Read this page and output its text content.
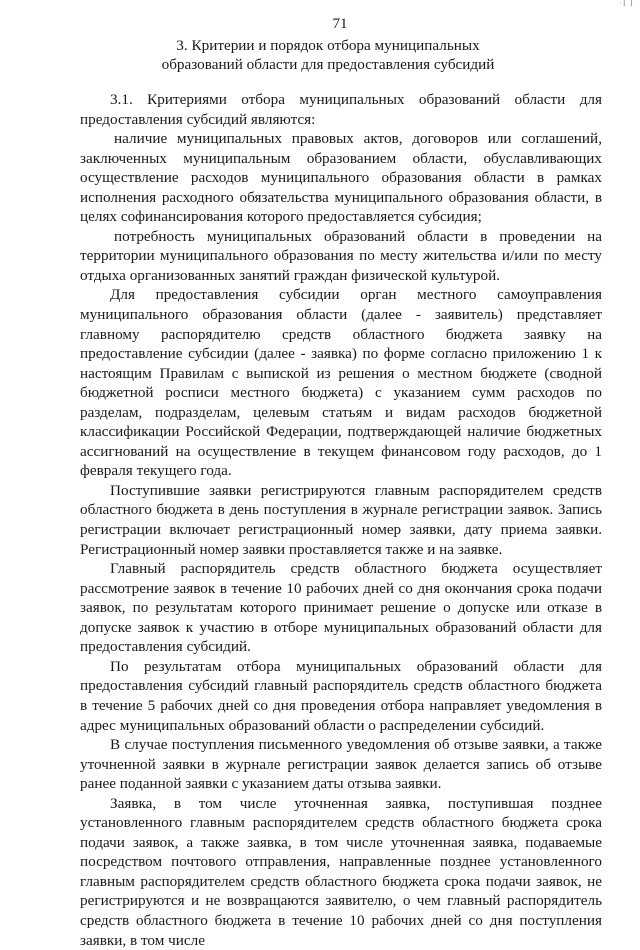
·I I
71
3. Критерии и порядок отбора муниципальных
образований области для предоставления субсидий

3.1. Критериями отбора муниципальных образований области для предоставления субсидий являются:

наличие муниципальных правовых актов, договоров или соглашений, заключенных муниципальным образованием области, обуславливающих осуществление расходов муниципального образования области в рамках исполнения расходного обязательства муниципального образования области, в целях софинансирования которого предоставляется субсидия;

потребность муниципальных образований области в проведении на территории муниципального образования по месту жительства и/или по месту отдыха организованных занятий граждан физической культурой.

Для предоставления субсидии орган местного самоуправления муниципального образования области (далее - заявитель) представляет главному распорядителю средств областного бюджета заявку на предоставление субсидии (далее - заявка) по форме согласно приложению 1 к настоящим Правилам с выпиской из решения о местном бюджете (сводной бюджетной росписи местного бюджета) с указанием сумм расходов по разделам, подразделам, целевым статьям и видам расходов бюджетной классификации Российской Федерации, подтверждающей наличие бюджетных ассигнований на осуществление в текущем финансовом году расходов, до 1 февраля текущего года.

Поступившие заявки регистрируются главным распорядителем средств областного бюджета в день поступления в журнале регистрации заявок. Запись регистрации включает регистрационный номер заявки, дату приема заявки. Регистрационный номер заявки проставляется также и на заявке.

Главный распорядитель средств областного бюджета осуществляет рассмотрение заявок в течение 10 рабочих дней со дня окончания срока подачи заявок, по результатам которого принимает решение о допуске или отказе в допуске заявок к участию в отборе муниципальных образований области для предоставления субсидий.

По результатам отбора муниципальных образований области для предоставления субсидий главный распорядитель средств областного бюджета в течение 5 рабочих дней со дня проведения отбора направляет уведомления в адрес муниципальных образований области о распределении субсидий.

В случае поступления письменного уведомления об отзыве заявки, а также уточненной заявки в журнале регистрации заявок делается запись об отзыве ранее поданной заявки с указанием даты отзыва заявки.

Заявка, в том числе уточненная заявка, поступившая позднее установленного главным распорядителем средств областного бюджета срока подачи заявок, а также заявка, в том числе уточненная заявка, подаваемые посредством почтового отправления, направленные позднее установленного главным распорядителем средств областного бюджета срока подачи заявок, не регистрируются и не возвращаются заявителю, о чем главный распорядитель средств областного бюджета в течение 10 рабочих дней со дня поступления заявки, в том числе
